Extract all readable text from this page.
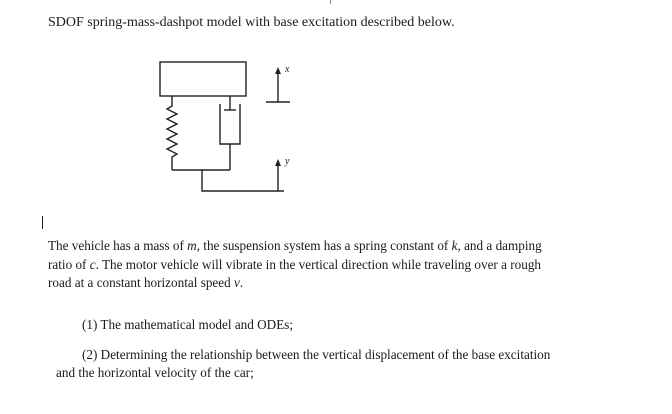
SDOF spring-mass-dashpot model with base excitation described below.
x
y
The vehicle has a mass of m, the suspension system has a spring constant of k, and a damping
ratio of c. The motor vehicle will vibrate in the vertical direction while traveling over a rough
road at a constant horizontal speed v.
(1) The mathematical model and ODEs;
(2) Determining the relationship between the vertical displacement of the base excitation
and the horizontal velocity of the car;
